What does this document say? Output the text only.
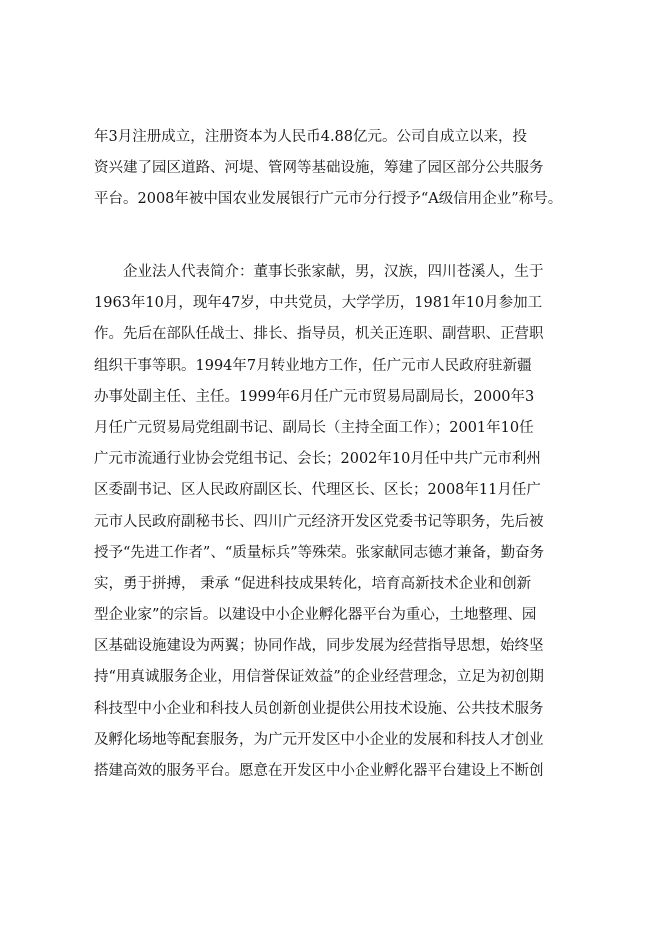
年3月注册成立，注册资本为人民币4.88亿元。公司自成立以来，投
资兴建了园区道路、河堤、管网等基础设施，筹建了园区部分公共服务
平台。2008年被中国农业发展银行广元市分行授予“A级信用企业”称号。
企业法人代表简介：董事长张家献，男，汉族，四川苍溪人，生于
1963年10月，现年47岁，中共党员，大学学历，1981年10月参加工
作。先后在部队任战士、排长、指导员，机关正连职、副营职、正营职
组织干事等职。1994年7月转业地方工作，任广元市人民政府驻新疆
办事处副主任、主任。1999年6月任广元市贸易局副局长，2000年3
月任广元贸易局党组副书记、副局长（主持全面工作）；2001年10任
广元市流通行业协会党组书记、会长；2002年10月任中共广元市利州
区委副书记、区人民政府副区长、代理区长、区长；2008年11月任广
元市人民政府副秘书长、四川广元经济开发区党委书记等职务，先后被
授予“先进工作者”、“质量标兵”等殊荣。张家献同志德才兼备，勤奋务
实，勇于拼搏， 秉承 “促进科技成果转化，培育高新技术企业和创新
型企业家”的宗旨。以建设中小企业孵化器平台为重心，土地整理、园
区基础设施建设为两翼；协同作战，同步发展为经营指导思想，始终坚
持“用真诚服务企业，用信誉保证效益”的企业经营理念，立足为初创期
科技型中小企业和科技人员创新创业提供公用技术设施、公共技术服务
及孵化场地等配套服务，为广元开发区中小企业的发展和科技人才创业
搭建高效的服务平台。愿意在开发区中小企业孵化器平台建设上不断创
